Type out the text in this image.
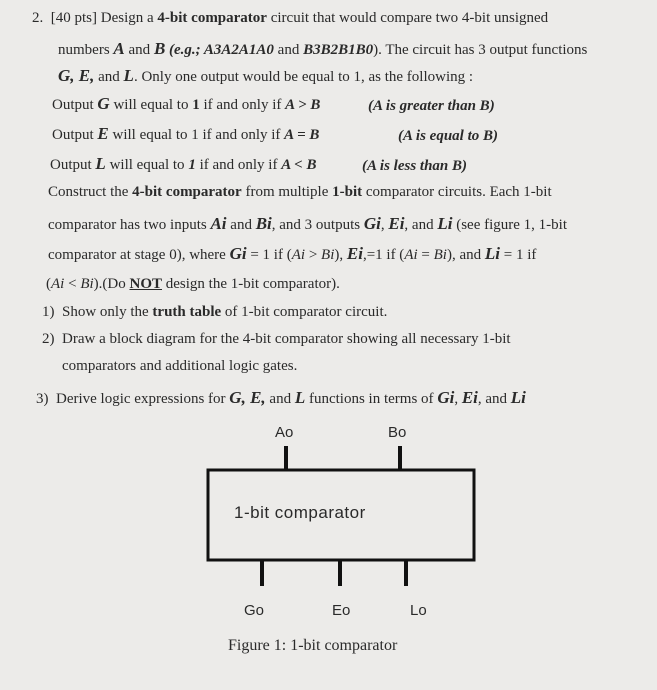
2. [40 pts] Design a 4-bit comparator circuit that would compare two 4-bit unsigned
numbers A and B (e.g.; A3A2A1A0 and B3B2B1B0). The circuit has 3 output functions
G, E, and L. Only one output would be equal to 1, as the following :
Output G will equal to 1 if and only if A > B	(A is greater than B)
Output E will equal to 1 if and only if A = B	(A is equal to B)
Output L will equal to 1 if and only if A < B	(A is less than B)
Construct the 4-bit comparator from multiple 1-bit comparator circuits. Each 1-bit
comparator has two inputs Ai and Bi, and 3 outputs Gi, Ei, and Li (see figure 1, 1-bit
comparator at stage 0), where Gi = 1 if (Ai > Bi), Ei,=1 if (Ai = Bi), and Li = 1 if
(Ai < Bi).(Do NOT design the 1-bit comparator).
1) Show only the truth table of 1-bit comparator circuit.
2) Draw a block diagram for the 4-bit comparator showing all necessary 1-bit
comparators and additional logic gates.
3) Derive logic expressions for G, E, and L functions in terms of Gi, Ei, and Li
Ao	Bo
1-bit comparator
Go	Eo	Lo
Figure 1: 1-bit comparator
